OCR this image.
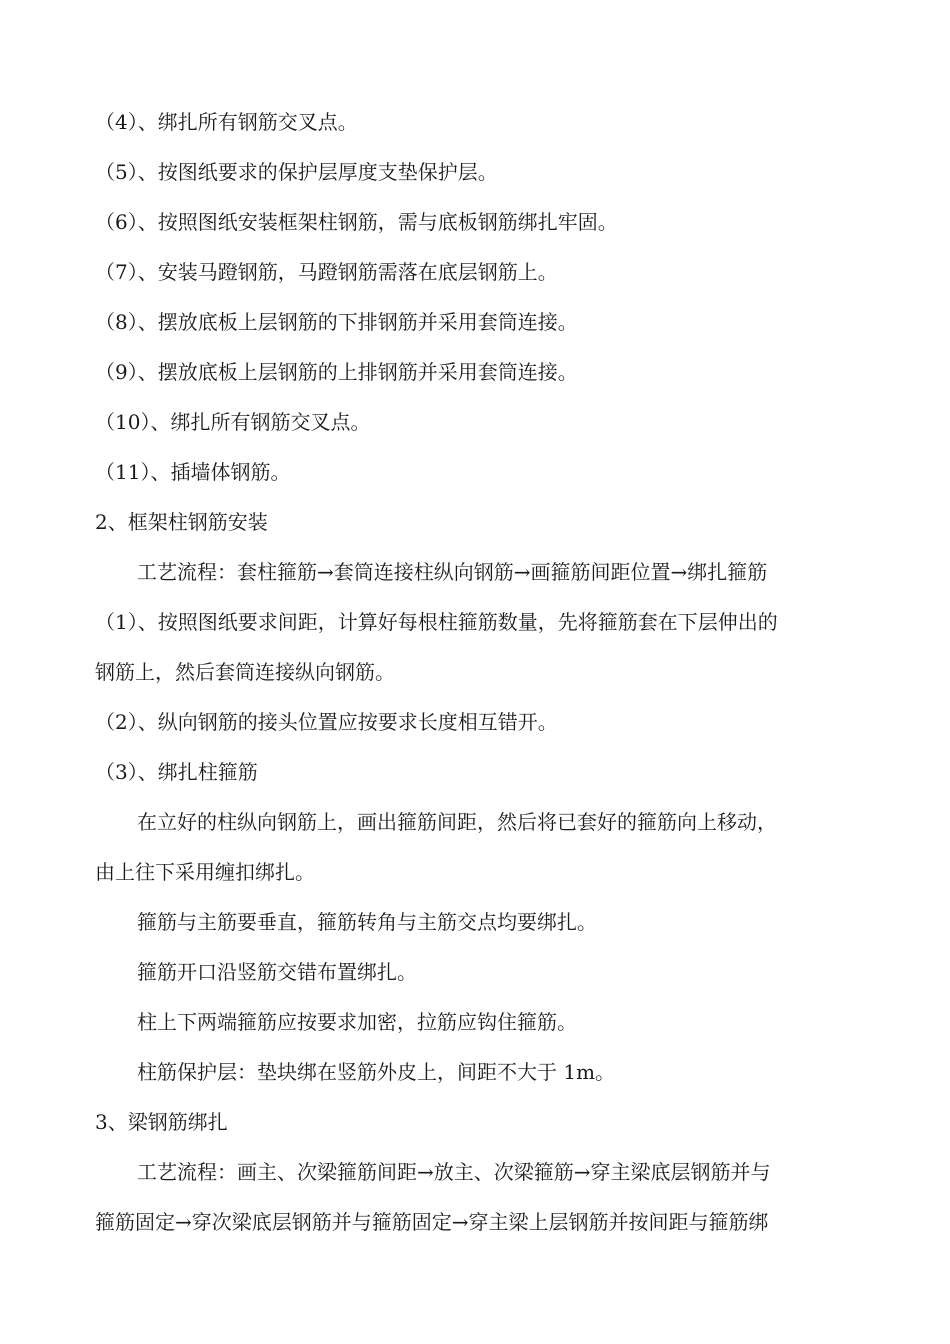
（4）、绑扎所有钢筋交叉点。
（5）、按图纸要求的保护层厚度支垫保护层。
（6）、按照图纸安装框架柱钢筋，需与底板钢筋绑扎牢固。
（7）、安装马蹬钢筋，马蹬钢筋需落在底层钢筋上。
（8）、摆放底板上层钢筋的下排钢筋并采用套筒连接。
（9）、摆放底板上层钢筋的上排钢筋并采用套筒连接。
（10）、绑扎所有钢筋交叉点。
（11）、插墙体钢筋。
2、框架柱钢筋安装
工艺流程：套柱箍筋→套筒连接柱纵向钢筋→画箍筋间距位置→绑扎箍筋
（1）、按照图纸要求间距，计算好每根柱箍筋数量，先将箍筋套在下层伸出的
钢筋上，然后套筒连接纵向钢筋。
（2）、纵向钢筋的接头位置应按要求长度相互错开。
（3）、绑扎柱箍筋
在立好的柱纵向钢筋上，画出箍筋间距，然后将已套好的箍筋向上移动，
由上往下采用缠扣绑扎。
箍筋与主筋要垂直，箍筋转角与主筋交点均要绑扎。
箍筋开口沿竖筋交错布置绑扎。
柱上下两端箍筋应按要求加密，拉筋应钩住箍筋。
柱筋保护层：垫块绑在竖筋外皮上，间距不大于 1m。
3、梁钢筋绑扎
工艺流程：画主、次梁箍筋间距→放主、次梁箍筋→穿主梁底层钢筋并与
箍筋固定→穿次梁底层钢筋并与箍筋固定→穿主梁上层钢筋并按间距与箍筋绑
